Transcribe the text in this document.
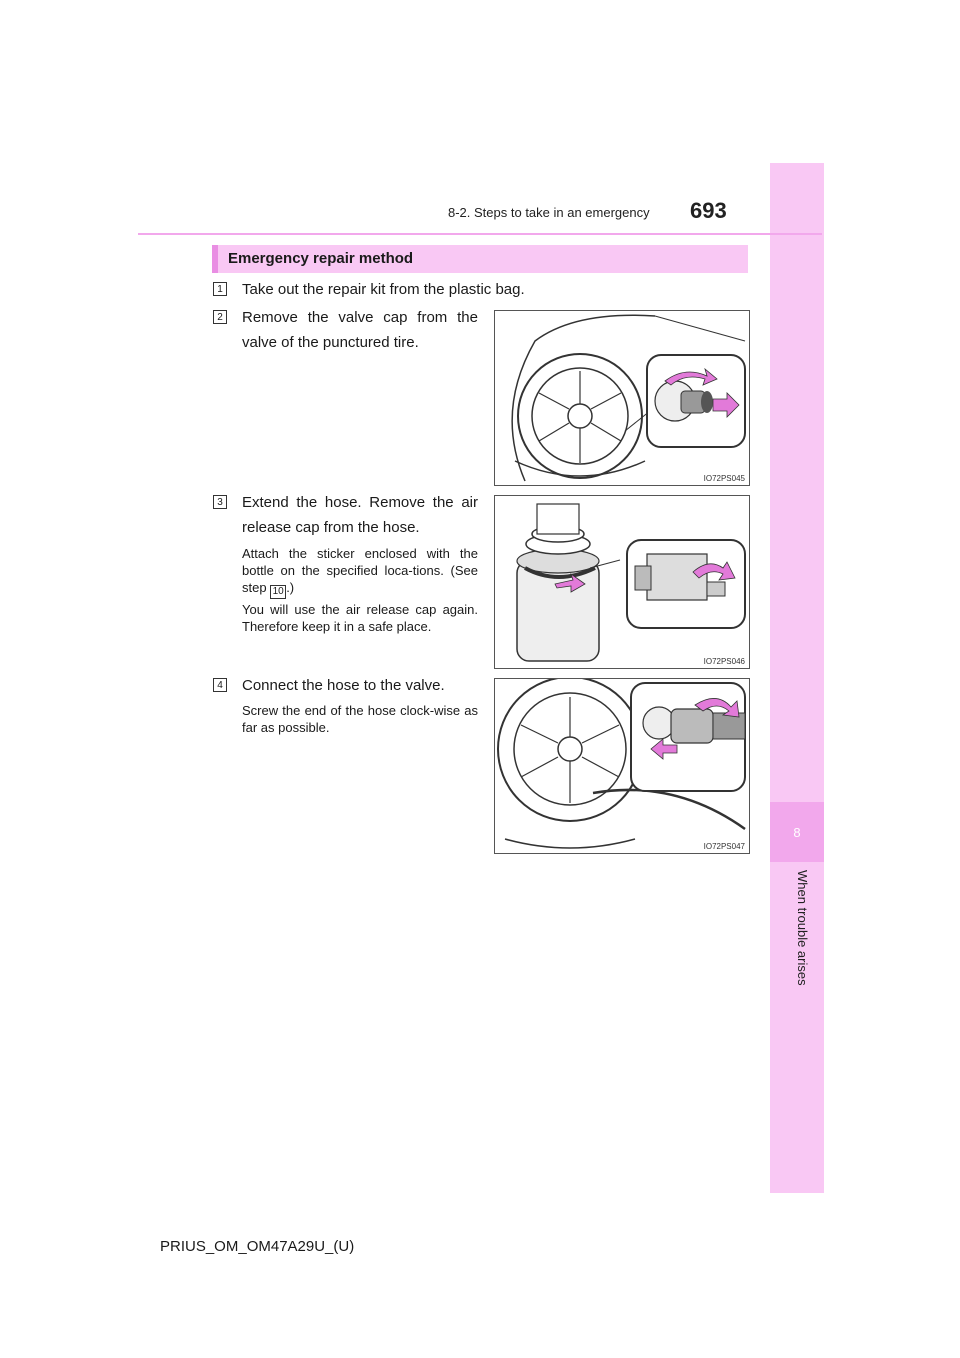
8
When trouble arises
8-2. Steps to take in an emergency 693
Emergency repair method
1 Take out the repair kit from the plastic bag.
2 Remove the valve cap from the valve of the punctured tire.
IO72PS045
3 Extend the hose. Remove the air release cap from the hose.
Attach the sticker enclosed with the bottle on the specified loca-tions. (See step 10 .)
You will use the air release cap again. Therefore keep it in a safe place.
IO72PS046
4 Connect the hose to the valve.
Screw the end of the hose clock-wise as far as possible.
IO72PS047
PRIUS_OM_OM47A29U_(U)
